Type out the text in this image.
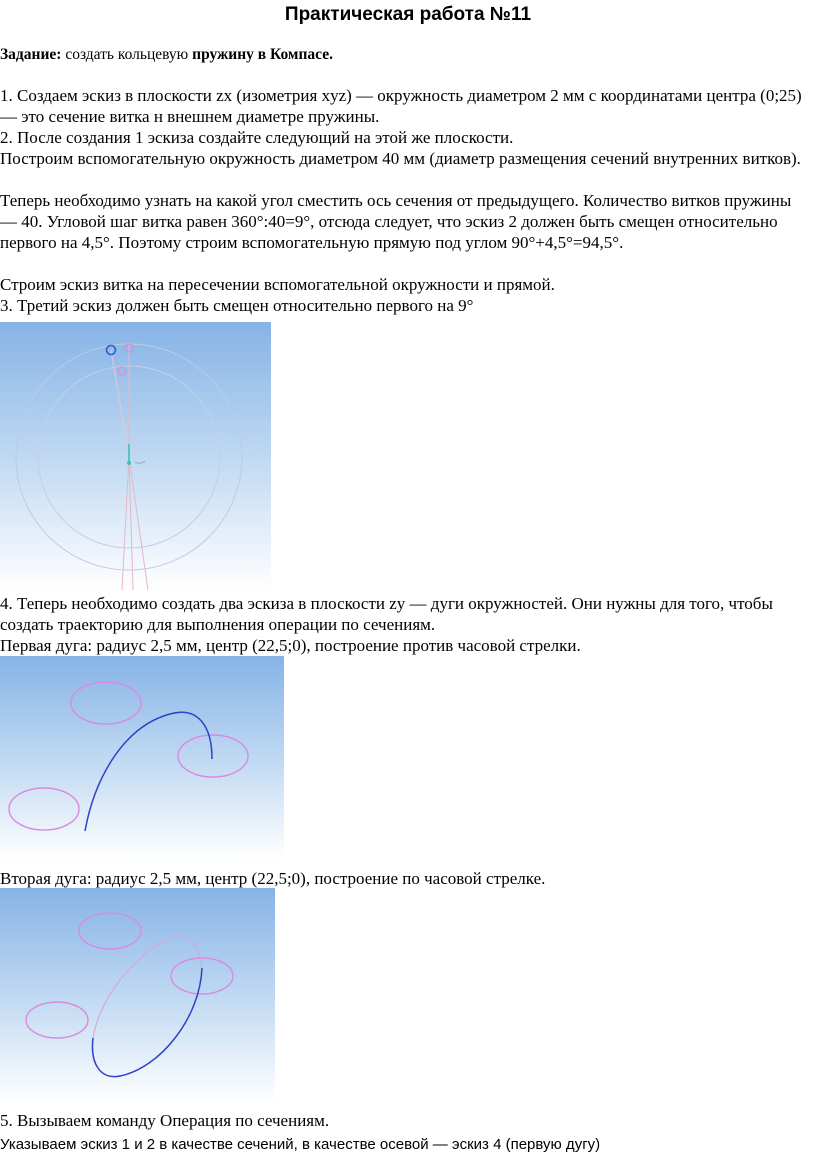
Практическая работа №11
Задание: создать кольцевую пружину в Компасе.
1. Создаем эскиз в плоскости zx (изометрия xyz) — окружность диаметром 2 мм с координатами центра (0;25) — это сечение витка н внешнем диаметре пружины.
2. После создания 1 эскиза создайте следующий на этой же плоскости.
Построим вспомогательную окружность диаметром 40 мм (диаметр размещения сечений внутренних витков).
Теперь необходимо узнать на какой угол сместить ось сечения от предыдущего. Количество витков пружины — 40. Угловой шаг витка равен 360°:40=9°, отсюда следует, что эскиз 2 должен быть смещен относительно первого на 4,5°. Поэтому строим вспомогательную прямую под углом 90°+4,5°=94,5°.
Строим эскиз витка на пересечении вспомогательной окружности и прямой.
3. Третий эскиз должен быть смещен относительно первого на 9°
4. Теперь необходимо создать два эскиза в плоскости zy — дуги окружностей. Они нужны для того, чтобы создать траекторию для выполнения операции по сечениям.
Первая дуга: радиус 2,5 мм, центр (22,5;0), построение против часовой стрелки.
Вторая дуга: радиус 2,5 мм, центр (22,5;0), построение по часовой стрелке.
5. Вызываем команду Операция по сечениям.
Указываем эскиз 1 и 2 в качестве сечений, в качестве осевой — эскиз 4 (первую дугу)
